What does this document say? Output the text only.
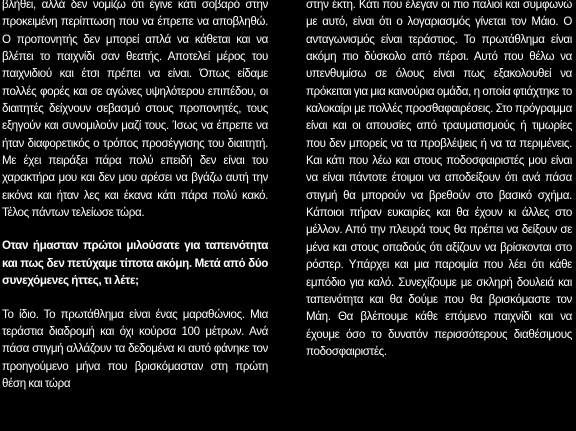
βλήθει, αλλά δεν νομίζω ότι έγινε κάτι σοβαρό στην προκειμένη περίπτωση που να έπρεπε να αποβληθώ. Ο προπονητής δεν μπορεί απλά να κάθεται και να βλέπει το παιχνίδι σαν θεατής. Αποτελεί μέρος του παιχνιδιού και έτσι πρέπει να είναι. Όπως είδαμε πολλές φορές και σε αγώνες υψηλότερου επιπέδου, οι διαιτητές δείχνουν σεβασμό στους προπονητές, τους εξηγούν και συνομιλούν μαζί τους. Ίσως να έπρεπε να ήταν διαφορετικός ο τρόπος προσέγγισης του διαιτητή. Με έχει πειράξει πάρα πολύ επειδή δεν είναι του χαρακτήρα μου και δεν μου αρέσει να βγάζω αυτή την εικόνα και ήταν λες και έκανα κάτι πάρα πολύ κακό. Τέλος πάντων τελείωσε τώρα.

Οταν ήμασταν πρώτοι μιλούσατε για ταπεινότητα και πως δεν πετύχαμε τίποτα ακόμη. Μετά από δύο συνεχόμενες ήττες, τι λέτε;

Το ίδιο. Το πρωτάθλημα είναι ένας μαραθώνιος. Μια τεράστια διαδρομή και όχι κούρσα 100 μέτρων. Ανά πάσα στιγμή αλλάζουν τα δεδομένα κι αυτό φάνηκε τον προηγούμενο μήνα που βρισκόμασταν στη πρώτη θέση και τώρα

στην έκτη. Κάτι που έλεγαν οι πιο παλιοί και συμφωνώ με αυτό, είναι ότι ο λογαριασμός γίνεται τον Μάιο. Ο ανταγωνισμός είναι τεράστιος. Το πρωτάθλημα είναι ακόμη πιο δύσκολο από πέρσι. Αυτό που θέλω να υπενθυμίσω σε όλους είναι πως εξακολουθεί να πρόκειται για μια καινούρια ομάδα, η οποία φτιάχτηκε το καλοκαίρι με πολλές προσθαφαιρέσεις. Στο πρόγραμμα είναι και οι απουσίες από τραυματισμούς ή τιμωρίες που δεν μπορείς να τα προβλέψεις ή να τα περιμένεις. Και κάτι που λέω και στους ποδοσφαιριστές μου είναι να είναι πάντοτε έτοιμοι να αποδείξουν ότι ανά πάσα στιγμή θα μπορούν να βρεθούν στο βασικό σχήμα. Κάποιοι πήραν ευκαιρίες και θα έχουν κι άλλες στο μέλλον. Από την πλευρά τους θα πρέπει να δείξουν σε μένα και στους οπαδούς ότι αξίζουν να βρίσκονται στο ρόστερ. Υπάρχει και μια παροιμία που λέει ότι κάθε εμπόδιο για καλό. Συνεχίζουμε με σκληρή δουλειά και ταπεινότητα και θα δούμε που θα βρισκόμαστε τον Μάη. Θα βλέπουμε κάθε επόμενο παιχνίδι και να έχουμε όσο το δυνατόν περισσότερους διαθέσιμους ποδοσφαιριστές.
